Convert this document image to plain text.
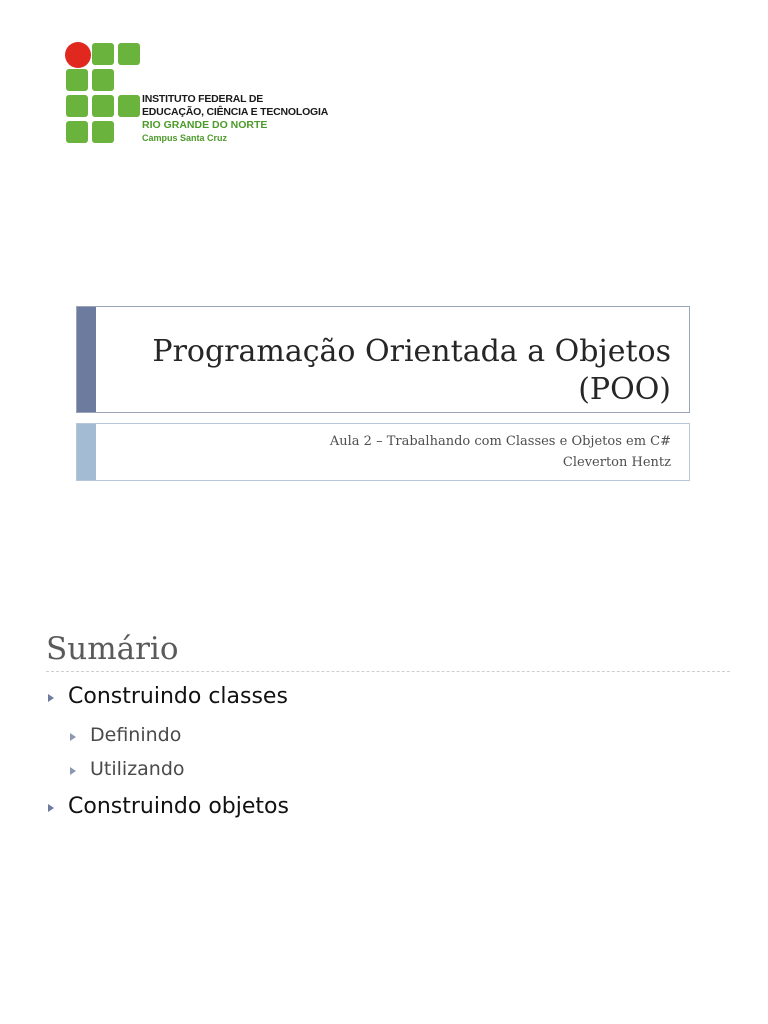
INSTITUTO FEDERAL DE
EDUCAÇÃO, CIÊNCIA E TECNOLOGIA
RIO GRANDE DO NORTE
Campus Santa Cruz
Programação Orientada a Objetos
(POO)
Aula 2 – Trabalhando com Classes e Objetos em C#
Cleverton Hentz
Sumário
Construindo classes
Definindo
Utilizando
Construindo objetos
